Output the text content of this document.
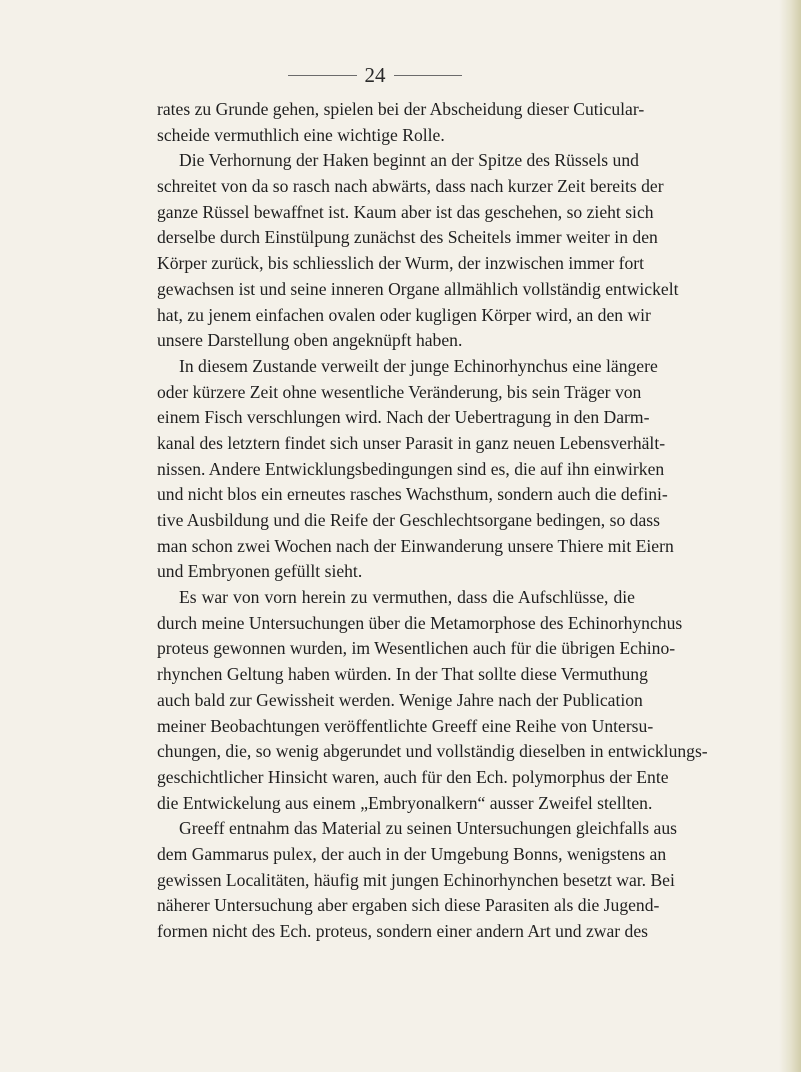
24
rates zu Grunde gehen, spielen bei der Abscheidung dieser Cuticular-
scheide vermuthlich eine wichtige Rolle.
Die Verhornung der Haken beginnt an der Spitze des Rüssels und
schreitet von da so rasch nach abwärts, dass nach kurzer Zeit bereits der
ganze Rüssel bewaffnet ist. Kaum aber ist das geschehen, so zieht sich
derselbe durch Einstülpung zunächst des Scheitels immer weiter in den
Körper zurück, bis schliesslich der Wurm, der inzwischen immer fort
gewachsen ist und seine inneren Organe allmählich vollständig entwickelt
hat, zu jenem einfachen ovalen oder kugligen Körper wird, an den wir
unsere Darstellung oben angeknüpft haben.
In diesem Zustande verweilt der junge Echinorhynchus eine längere
oder kürzere Zeit ohne wesentliche Veränderung, bis sein Träger von
einem Fisch verschlungen wird. Nach der Uebertragung in den Darm-
kanal des letztern findet sich unser Parasit in ganz neuen Lebensverhält-
nissen. Andere Entwicklungsbedingungen sind es, die auf ihn einwirken
und nicht blos ein erneutes rasches Wachsthum, sondern auch die defini-
tive Ausbildung und die Reife der Geschlechtsorgane bedingen, so dass
man schon zwei Wochen nach der Einwanderung unsere Thiere mit Eiern
und Embryonen gefüllt sieht.
Es war von vorn herein zu vermuthen, dass die Aufschlüsse, die
durch meine Untersuchungen über die Metamorphose des Echinorhynchus
proteus gewonnen wurden, im Wesentlichen auch für die übrigen Echino-
rhynchen Geltung haben würden. In der That sollte diese Vermuthung
auch bald zur Gewissheit werden. Wenige Jahre nach der Publication
meiner Beobachtungen veröffentlichte Greeff eine Reihe von Untersu-
chungen, die, so wenig abgerundet und vollständig dieselben in entwicklungs-
geschichtlicher Hinsicht waren, auch für den Ech. polymorphus der Ente
die Entwickelung aus einem „Embryonalkern“ ausser Zweifel stellten.
Greeff entnahm das Material zu seinen Untersuchungen gleichfalls aus
dem Gammarus pulex, der auch in der Umgebung Bonns, wenigstens an
gewissen Localitäten, häufig mit jungen Echinorhynchen besetzt war. Bei
näherer Untersuchung aber ergaben sich diese Parasiten als die Jugend-
formen nicht des Ech. proteus, sondern einer andern Art und zwar des
